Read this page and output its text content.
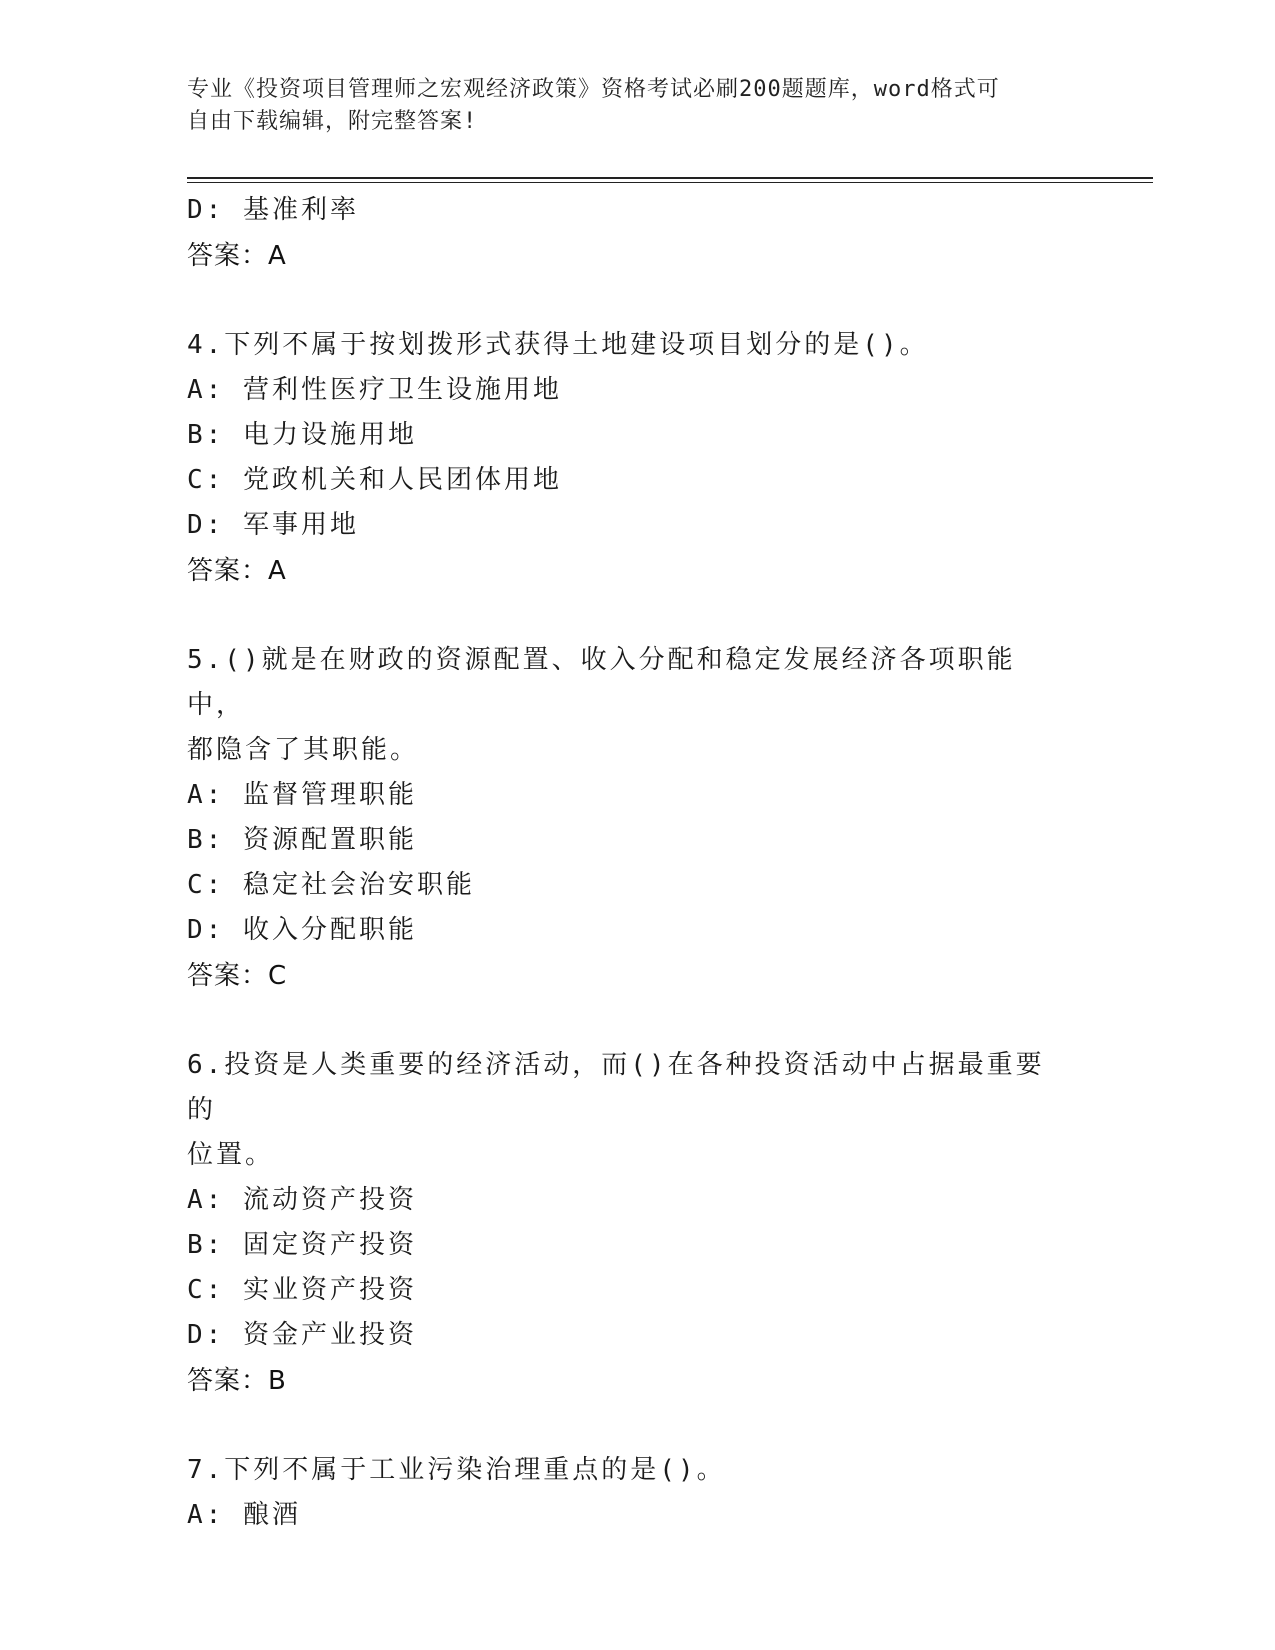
专业《投资项目管理师之宏观经济政策》资格考试必刷200题题库，word格式可
自由下载编辑，附完整答案!
D: 基准利率
答案：A
4.下列不属于按划拨形式获得土地建设项目划分的是()。
A: 营利性医疗卫生设施用地
B: 电力设施用地
C: 党政机关和人民团体用地
D: 军事用地
答案：A
5.()就是在财政的资源配置、收入分配和稳定发展经济各项职能中，
都隐含了其职能。
A: 监督管理职能
B: 资源配置职能
C: 稳定社会治安职能
D: 收入分配职能
答案：C
6.投资是人类重要的经济活动，而()在各种投资活动中占据最重要的
位置。
A: 流动资产投资
B: 固定资产投资
C: 实业资产投资
D: 资金产业投资
答案：B
7.下列不属于工业污染治理重点的是()。
A: 酿酒
